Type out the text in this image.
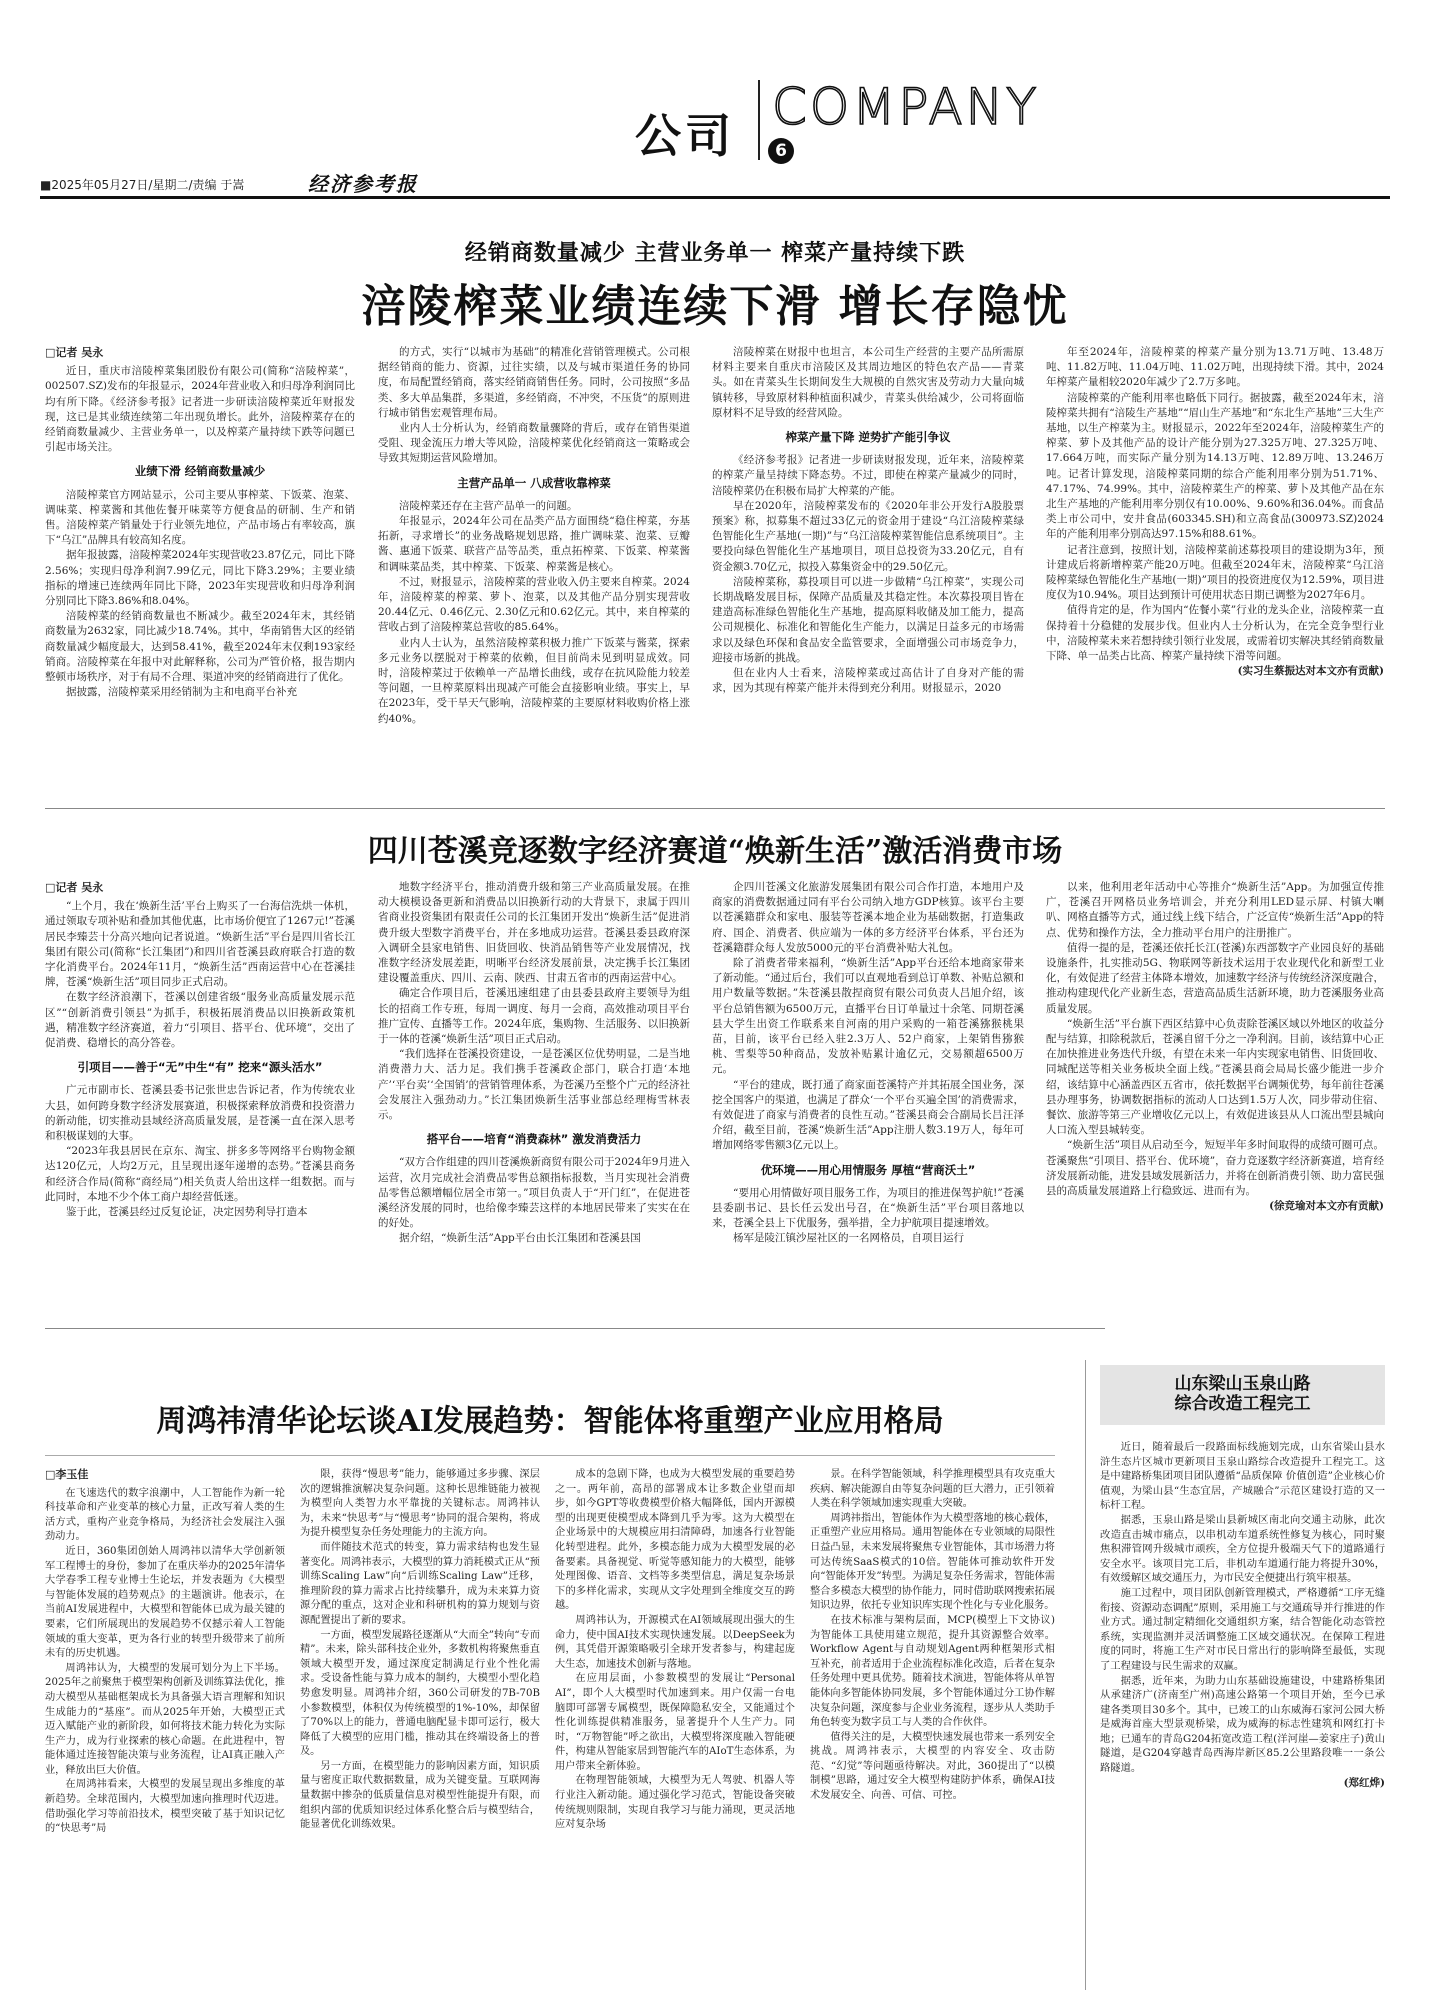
公司 COMPANY
6
■2025年05月27日/星期二/责编 于嵩	经济参考报
经销商数量减少 主营业务单一 榨菜产量持续下跌
涪陵榨菜业绩连续下滑 增长存隐忧
□记者 吴永

近日，重庆市涪陵榨菜集团股份有限公司(简称“涪陵榨菜”，002507.SZ)发布的年报显示，2024年营业收入和归母净利润同比均有所下降。《经济参考报》记者进一步研读涪陵榨菜近年财报发现，这已是其业绩连续第二年出现负增长。此外，涪陵榨菜存在的经销商数量减少、主营业务单一，以及榨菜产量持续下跌等问题已引起市场关注。

业绩下滑 经销商数量减少

涪陵榨菜官方网站显示，公司主要从事榨菜、下饭菜、泡菜、调味菜、榨菜酱和其他佐餐开味菜等方便食品的研制、生产和销售。涪陵榨菜产销量处于行业领先地位，产品市场占有率较高，旗下“乌江”品牌具有较高知名度。

据年报披露，涪陵榨菜2024年实现营收23.87亿元，同比下降2.56%；实现归母净利润7.99亿元，同比下降3.29%；主要业绩指标的增速已连续两年同比下降，2023年实现营收和归母净利润分别同比下降3.86%和8.04%。

涪陵榨菜的经销商数量也不断减少。截至2024年末，其经销商数量为2632家，同比减少18.74%。其中，华南销售大区的经销商数量减少幅度最大，达到58.41%，截至2024年末仅剩193家经销商。涪陵榨菜在年报中对此解释称，公司为严管价格，报告期内整顿市场秩序，对于有局不合理、渠道冲突的经销商进行了优化。

据披露，涪陵榨菜采用经销制为主和电商平台补充

的方式，实行“以城市为基础”的精准化营销管理模式。公司根据经销商的能力、资源，过往实绩，以及与城市渠道任务的协同度，布局配置经销商，落实经销商销售任务。同时，公司按照“多品类、多大单品集群，多渠道，多经销商，不冲突，不压货”的原则进行城市销售宏观管理布局。

业内人士分析认为，经销商数量骤降的背后，或存在销售渠道受阻、现金流压力增大等风险，涪陵榨菜优化经销商这一策略或会导致其短期运营风险增加。

主营产品单一 八成营收靠榨菜

涪陵榨菜还存在主营产品单一的问题。

年报显示，2024年公司在品类产品方面围绕“稳住榨菜，夯基拓新，寻求增长”的业务战略规划思路，推广调味菜、泡菜、豆瓣酱、惠通下饭菜、联营产品等品类，重点拓榨菜、下饭菜、榨菜酱和调味菜品类，其中榨菜、下饭菜、榨菜酱是核心。

不过，财报显示，涪陵榨菜的营业收入仍主要来自榨菜。2024年，涪陵榨菜的榨菜、萝卜、泡菜，以及其他产品分别实现营收20.44亿元、0.46亿元、2.30亿元和0.62亿元。其中，来自榨菜的营收占到了涪陵榨菜总营收的85.64%。

业内人士认为，虽然涪陵榨菜积极力推广下饭菜与酱菜，探索多元业务以摆脱对于榨菜的依赖，但目前尚未见到明显成效。同时，涪陵榨菜过于依赖单一产品增长曲线，或存在抗风险能力较差等问题，一旦榨菜原料出现减产可能会直接影响业绩。事实上，早在2023年，受干旱天气影响，涪陵榨菜的主要原材料收购价格上涨约40%。

涪陵榨菜在财报中也坦言，本公司生产经营的主要产品所需原材料主要来自重庆市涪陵区及其周边地区的特色农产品——青菜头。如在青菜头生长期间发生大规模的自然灾害及劳动力大量向城镇转移，导致原材料种植面积减少，青菜头供给减少，公司将面临原材料不足导致的经营风险。

榨菜产量下降 逆势扩产能引争议

《经济参考报》记者进一步研读财报发现，近年来，涪陵榨菜的榨菜产量呈持续下降态势。不过，即使在榨菜产量减少的同时，涪陵榨菜仍在积极布局扩大榨菜的产能。

早在2020年，涪陵榨菜发布的《2020年非公开发行A股股票预案》称，拟募集不超过33亿元的资金用于建设“乌江涪陵榨菜绿色智能化生产基地(一期)”与“乌江涪陵榨菜智能信息系统项目”。主要投向绿色智能化生产基地项目，项目总投资为33.20亿元，自有资金额3.70亿元，拟投入募集资金中的29.50亿元。

涪陵榨菜称，募投项目可以进一步做精“乌江榨菜”，实现公司长期战略发展目标，保障产品质量及其稳定性。本次募投项目皆在建造高标准绿色智能化生产基地，提高原料收储及加工能力，提高公司规模化、标准化和智能化生产能力，以满足日益多元的市场需求以及绿色环保和食品安全监管要求，全面增强公司市场竞争力，迎接市场新的挑战。

但在业内人士看来，涪陵榨菜或过高估计了自身对产能的需求，因为其现有榨菜产能并未得到充分利用。财报显示，2020

年至2024年，涪陵榨菜的榨菜产量分别为13.71万吨、13.48万吨、11.82万吨、11.04万吨、11.02万吨，出现持续下滑。其中，2024年榨菜产量相较2020年减少了2.7万多吨。

涪陵榨菜的产能利用率也略低下同行。据披露，截至2024年末，涪陵榨菜共拥有“涪陵生产基地”“眉山生产基地”和“东北生产基地”三大生产基地，以生产榨菜为主。财报显示，2022年至2024年，涪陵榨菜生产的榨菜、萝卜及其他产品的设计产能分别为27.325万吨、27.325万吨、17.664万吨，而实际产量分别为14.13万吨、12.89万吨、13.246万吨。记者计算发现，涪陵榨菜同期的综合产能利用率分别为51.71%、47.17%、74.99%。其中，涪陵榨菜生产的榨菜、萝卜及其他产品在东北生产基地的产能利用率分别仅有10.00%、9.60%和36.04%。而食品类上市公司中，安井食品(603345.SH)和立高食品(300973.SZ)2024年的产能利用率分别高达97.15%和88.61%。

记者注意到，按照计划，涪陵榨菜前述募投项目的建设期为3年，预计建成后将新增榨菜产能20万吨。但截至2024年末，涪陵榨菜“乌江涪陵榨菜绿色智能化生产基地(一期)”项目的投资进度仅为12.59%，项目进度仅为10.94%。项目达到预计可使用状态日期已调整为2027年6月。

值得肯定的是，作为国内“佐餐小菜”行业的龙头企业，涪陵榨菜一直保持着十分稳健的发展步伐。但业内人士分析认为，在完全竞争型行业中，涪陵榨菜未来若想持续引领行业发展，或需着切实解决其经销商数量下降、单一品类占比高、榨菜产量持续下滑等问题。

(实习生蔡振达对本文亦有贡献)

四川苍溪竞逐数字经济赛道“焕新生活”激活消费市场
□记者 吴永

“上个月，我在‘焕新生活’平台上购买了一台海信洗烘一体机，通过领取专项补贴和叠加其他优惠，比市场价便宜了1267元!”苍溪居民李臻芸十分高兴地向记者说道。“焕新生活”平台是四川省长江集团有限公司(简称“长江集团”)和四川省苍溪县政府联合打造的数字化消费平台。2024年11月，“焕新生活”西南运营中心在苍溪挂牌，苍溪“焕新生活”项目同步正式启动。

在数字经济浪潮下，苍溪以创建省级“服务业高质量发展示范区”“创新消费引领县”为抓手，积极拓展消费品以旧换新政策机遇，精准数字经济赛道，着力“引项目、搭平台、优环境”，交出了促消费、稳增长的高分答卷。

引项目——善于“无”中生“有” 挖来“源头活水”

广元市副市长、苍溪县委书记张世忠告诉记者，作为传统农业大县，如何跨身数字经济发展赛道，积极探索释放消费和投资潜力的新动能，切实推动县域经济高质量发展，是苍溪一直在深入思考和积极谋划的大事。

“2023年我县居民在京东、淘宝、拼多多等网络平台购物金额达120亿元，人均2万元，且呈现出逐年递增的态势。”苍溪县商务和经济合作局(简称“商经局”)相关负责人给出这样一组数据。而与此同时，本地不少个体工商户却经营低迷。

鉴于此，苍溪县经过反复论证，决定因势利导打造本

地数字经济平台，推动消费升级和第三产业高质量发展。在推动大模模设备更新和消费品以旧换新行动的大背景下，隶属于四川省商业投资集团有限责任公司的长江集团开发出“焕新生活”促进消费升级大型数字消费平台，并在多地成功运营。苍溪县委县政府深入调研全县家电销售、旧货回收、快消品销售等产业发展情况，找准数字经济发展差距，明晰平台经济发展前景，决定携手长江集团建设覆盖重庆、四川、云南、陕西、甘肃五省市的西南运营中心。

确定合作项目后，苍溪迅速组建了由县委县政府主要领导为组长的招商工作专班，每周一调度、每月一会商，高效推动项目平台推广宣传、直播等工作。2024年底，集购物、生活服务、以旧换新于一体的苍溪“焕新生活”项目正式启动。

“我们选择在苍溪投资建设，一是苍溪区位优势明显，二是当地消费潜力大、活力足。我们携手苍溪政企部门，联合打造‘本地产’‘平台卖’‘全国销’的营销管理体系，为苍溪乃至整个广元的经济社会发展注入强劲动力。”长江集团焕新生活事业部总经理梅雪林表示。

搭平台——培育“消费森林” 激发消费活力

“双方合作组建的四川苍溪焕新商贸有限公司于2024年9月进入运营，次月完成社会消费品零售总额指标报数，当月实现社会消费品零售总额增幅位居全市第一。”项目负责人于“开门红”，在促进苍溪经济发展的同时，也给像李臻芸这样的本地居民带来了实实在在的好处。

据介绍，“焕新生活”App平台由长江集团和苍溪县国

企四川苍溪文化旅游发展集团有限公司合作打造，本地用户及商家的消费数据通过同有平台公司纳入地方GDP核算。该平台主要以苍溪籍群众和家电、服装等苍溪本地企业为基础数据，打造集政府、国企、消费者、供应端为一体的多方经济平台体系，平台还为苍溪籍群众每人发放5000元的平台消费补贴大礼包。

除了消费者带来福利，“焕新生活”App平台还给本地商家带来了新动能。“通过后台，我们可以直观地看到总订单数、补贴总额和用户数量等数据。”朱苍溪县散捏商贸有限公司负责人吕旭介绍，该平台总销售额为6500万元，直播平台日订单量过十余笔、同期苍溪县大学生出资工作联系来自河南的用户采购的一箱苍溪猕猴桃果苗，目前，该平台已经入驻2.3万人、52户商家，上架销售猕猴桃、雪梨等50种商品，发放补贴累计逾亿元，交易额超6500万元。

“平台的建成，既打通了商家面苍溪特产并其拓展全国业务，深挖全国客户的渠道，也满足了群众‘一个平台买遍全国’的消费需求，有效促进了商家与消费者的良性互动。”苍溪县商会合副局长吕汪泽介绍，截至目前，苍溪“焕新生活”App注册人数3.19万人，每年可增加网络零售额3亿元以上。

优环境——用心用情服务 厚植“营商沃土”

“要用心用情做好项目服务工作，为项目的推进保驾护航!”苍溪县委副书记、县长任云发出号召，在“焕新生活”平台项目落地以来，苍溪全县上下优服务，强举措，全力护航项目提速增效。

杨军是陵江镇沙屋社区的一名网格员，自项目运行

以来，他利用老年活动中心等推介“焕新生活”App。为加强宣传推广，苍溪召开网格员业务培训会，并充分利用LED显示屏、村镇大喇叭、网格直播等方式，通过线上线下结合，广泛宣传“焕新生活”App的特点、优势和操作方法，全力推动平台用户的注册推广。

值得一提的是，苍溪还依托长江(苍溪)东西部数字产业园良好的基础设施条件，扎实推动5G、物联网等新技术运用于农业现代化和新型工业化，有效促进了经营主体降本增效，加速数字经济与传统经济深度融合，推动构建现代化产业新生态，营造高品质生活新环境，助力苍溪服务业高质量发展。

“焕新生活”平台旗下西区结算中心负责除苍溪区域以外地区的收益分配与结算，扣除税款后，苍溪自留千分之一净利润。目前，该结算中心正在加快推进业务迭代升级，有望在未来一年内实现家电销售、旧货回收、同城配送等相关业务板块全面上线。”苍溪县商会局局长盛少能进一步介绍，该结算中心涵盖西区五省市，依托数据平台调频优势，每年前往苍溪县办理事务，协调数据指标的流动人口达到1.5万人次，同步带动住宿、餐饮、旅游等第三产业增收亿元以上，有效促进该县从人口流出型县城向人口流入型县城转变。

“焕新生活”项目从启动至今，短短半年多时间取得的成绩可圈可点。苍溪聚焦“引项目、搭平台、优环境”，奋力竞逐数字经济新赛道，培育经济发展新动能，进发县域发展新活力，并将在创新消费引领、助力富民强县的高质量发展道路上行稳致远、进而有为。

(徐竞瑜对本文亦有贡献)

周鸿祎清华论坛谈AI发展趋势：智能体将重塑产业应用格局
□李玉佳

在飞速迭代的数字浪潮中，人工智能作为新一轮科技革命和产业变革的核心力量，正改写着人类的生活方式，重构产业竞争格局，为经济社会发展注入强劲动力。

近日，360集团创始人周鸿祎以清华大学创新领军工程博士的身份，参加了在重庆举办的2025年清华大学春季工程专业博士生论坛，并发表题为《大模型与智能体发展的趋势观点》的主题演讲。他表示，在当前AI发展进程中，大模型和智能体已成为最关键的要素，它们所展现出的发展趋势不仅撼示着人工智能领域的重大变革，更为各行业的转型升级带来了前所未有的历史机遇。

周鸿祎认为，大模型的发展可划分为上下半场。2025年之前聚焦于模型架构创新及训练算法优化，推动大模型从基础框架成长为具备强大语言理解和知识生成能力的“基座”。而从2025年开始，大模型正式迈入赋能产业的新阶段，如何将技术能力转化为实际生产力，成为行业探索的核心命题。在此进程中，智能体通过连接智能决策与业务流程，让AI真正融入产业，释放出巨大价值。

在周鸿祎看来，大模型的发展呈现出多维度的革新趋势。全球范围内，大模型加速向推理时代迈进。借助强化学习等前沿技术，模型突破了基于知识记忆的“快思考”局

限，获得“慢思考”能力，能够通过多步骤、深层次的逻辑推演解决复杂问题。这种长思维链能力被视为模型向人类智力水平靠拢的关键标志。周鸿祎认为，未来“快思考”与“慢思考”协同的混合架构，将成为提升模型复杂任务处理能力的主流方向。

而伴随技术范式的转变，算力需求结构也发生显著变化。周鸿祎表示，大模型的算力消耗模式正从“预训练Scaling Law”向“后训练Scaling Law”迁移，推理阶段的算力需求占比持续攀升，成为未来算力资源分配的重点，这对企业和科研机构的算力规划与资源配置提出了新的要求。

一方面，模型发展路径逐渐从“大而全”转向“专而精”。未来，除头部科技企业外，多数机构将聚焦垂直领域大模型开发，通过深度定制满足行业个性化需求。受设备性能与算力成本的制约，大模型小型化趋势愈发明显。周鸿祎介绍，360公司研发的7B-70B小参数模型，体积仅为传统模型的1%-10%，却保留了70%以上的能力，普通电脑配显卡即可运行，极大降低了大模型的应用门槛，推动其在终端设备上的普及。

另一方面，在模型能力的影响因素方面，知识质量与密度正取代数据数量，成为关键变量。互联网海量数据中掺杂的低质量信息对模型性能提升有限，而组织内部的优质知识经过体系化整合后与模型结合，能显著优化训练效果。

成本的急剧下降，也成为大模型发展的重要趋势之一。两年前，高昂的部署成本让多数企业望而却步，如今GPT等收费模型价格大幅降低，国内开源模型的出现更使模型成本降到几乎为零。这为大模型在企业场景中的大规模应用扫清障碍，加速各行业智能化转型进程。此外，多模态能力成为大模型发展的必备要素。具备视觉、听觉等感知能力的大模型，能够处理图像、语音、文档等多类型信息，满足复杂场景下的多样化需求，实现从文字处理到全维度交互的跨越。

周鸿祎认为，开源模式在AI领域展现出强大的生命力，使中国AI技术实现快速发展。以DeepSeek为例，其凭借开源策略吸引全球开发者参与，构建起庞大生态，加速技术创新与落地。

在应用层面，小参数模型的发展让“Personal AI”，即个人大模型时代加速到来。用户仅需一台电脑即可部署专属模型，既保障隐私安全，又能通过个性化训练提供精准服务，显著提升个人生产力。同时，“万物智能”呼之欲出，大模型将深度融入智能硬件，构建从智能家居到智能汽车的AIoT生态体系，为用户带来全新体验。

在物理智能领域，大模型为无人驾驶、机器人等行业注入新动能。通过强化学习范式，智能设备突破传统规则限制，实现自我学习与能力涌现，更灵活地应对复杂场

景。在科学智能领域，科学推理模型具有攻克重大疾病、解决能源自由等复杂问题的巨大潜力，正引领着人类在科学领域加速实现重大突破。

周鸿祎指出，智能体作为大模型落地的核心载体，正重塑产业应用格局。通用智能体在专业领域的局限性日益凸显，未来发展将聚焦专业智能体，其市场潜力将可达传统SaaS模式的10倍。智能体可推动软件开发向“智能体开发”转型。为满足复杂任务需求，智能体需整合多模态大模型的协作能力，同时借助联网搜索拓展知识边界，依托专业知识库实现个性化与专业化服务。

在技术标准与架构层面，MCP(模型上下文协议)为智能体工具使用建立规范，提升其资源整合效率。Workflow Agent与自动规划Agent两种框架形式相互补充，前者适用于企业流程标准化改造，后者在复杂任务处理中更具优势。随着技术演进，智能体将从单智能体向多智能体协同发展，多个智能体通过分工协作解决复杂问题，深度参与企业业务流程，逐步从人类助手角色转变为数字员工与人类的合作伙伴。

值得关注的是，大模型快速发展也带来一系列安全挑战。周鸿祎表示，大模型的内容安全、攻击防范、“幻觉”等问题亟待解决。对此，360提出了“以模制模”思路，通过安全大模型构建防护体系，确保AI技术发展安全、向善、可信、可控。

山东梁山玉泉山路
综合改造工程完工

近日，随着最后一段路面标线施划完成，山东省梁山县水浒生态片区城市更新项目玉泉山路综合改造提升工程完工。这是中建路桥集团项目团队遵循“品质保障 价值创造”企业核心价值观，为梁山县“生态宜居，产城融合”示范区建设打造的又一标杆工程。

据悉，玉泉山路是梁山县新城区南北向交通主动脉，此次改造直击城市痛点，以串机动车道系统性修复为核心，同时聚焦积滞管网升级城市顽疾，全方位提升极端天气下的道路通行安全水平。该项目完工后，非机动车道通行能力将提升30%，有效缓解区域交通压力，为市民安全便捷出行筑牢根基。

施工过程中，项目团队创新管理模式，严格遵循“工序无缝衔接、资源动态调配”原则，采用施工与交通疏导并行推进的作业方式。通过制定精细化交通组织方案，结合智能化动态管控系统，实现监测并灵活调整施工区域交通状况。在保障工程进度的同时，将施工生产对市民日常出行的影响降至最低，实现了工程建设与民生需求的双赢。

据悉，近年来，为助力山东基础设施建设，中建路桥集团从承建济广(济南至广州)高速公路第一个项目开始，至今已承建各类项目30多个。其中，已竣工的山东威海石家河公园大桥是威海首座大型景观桥梁，成为威海的标志性建筑和网红打卡地；已通车的青岛G204拓宽改造工程(洋河崖—姜家庄子)黄山隧道，是G204穿越青岛西海岸新区85.2公里路段唯一一条公路隧道。

(郑红烨)
